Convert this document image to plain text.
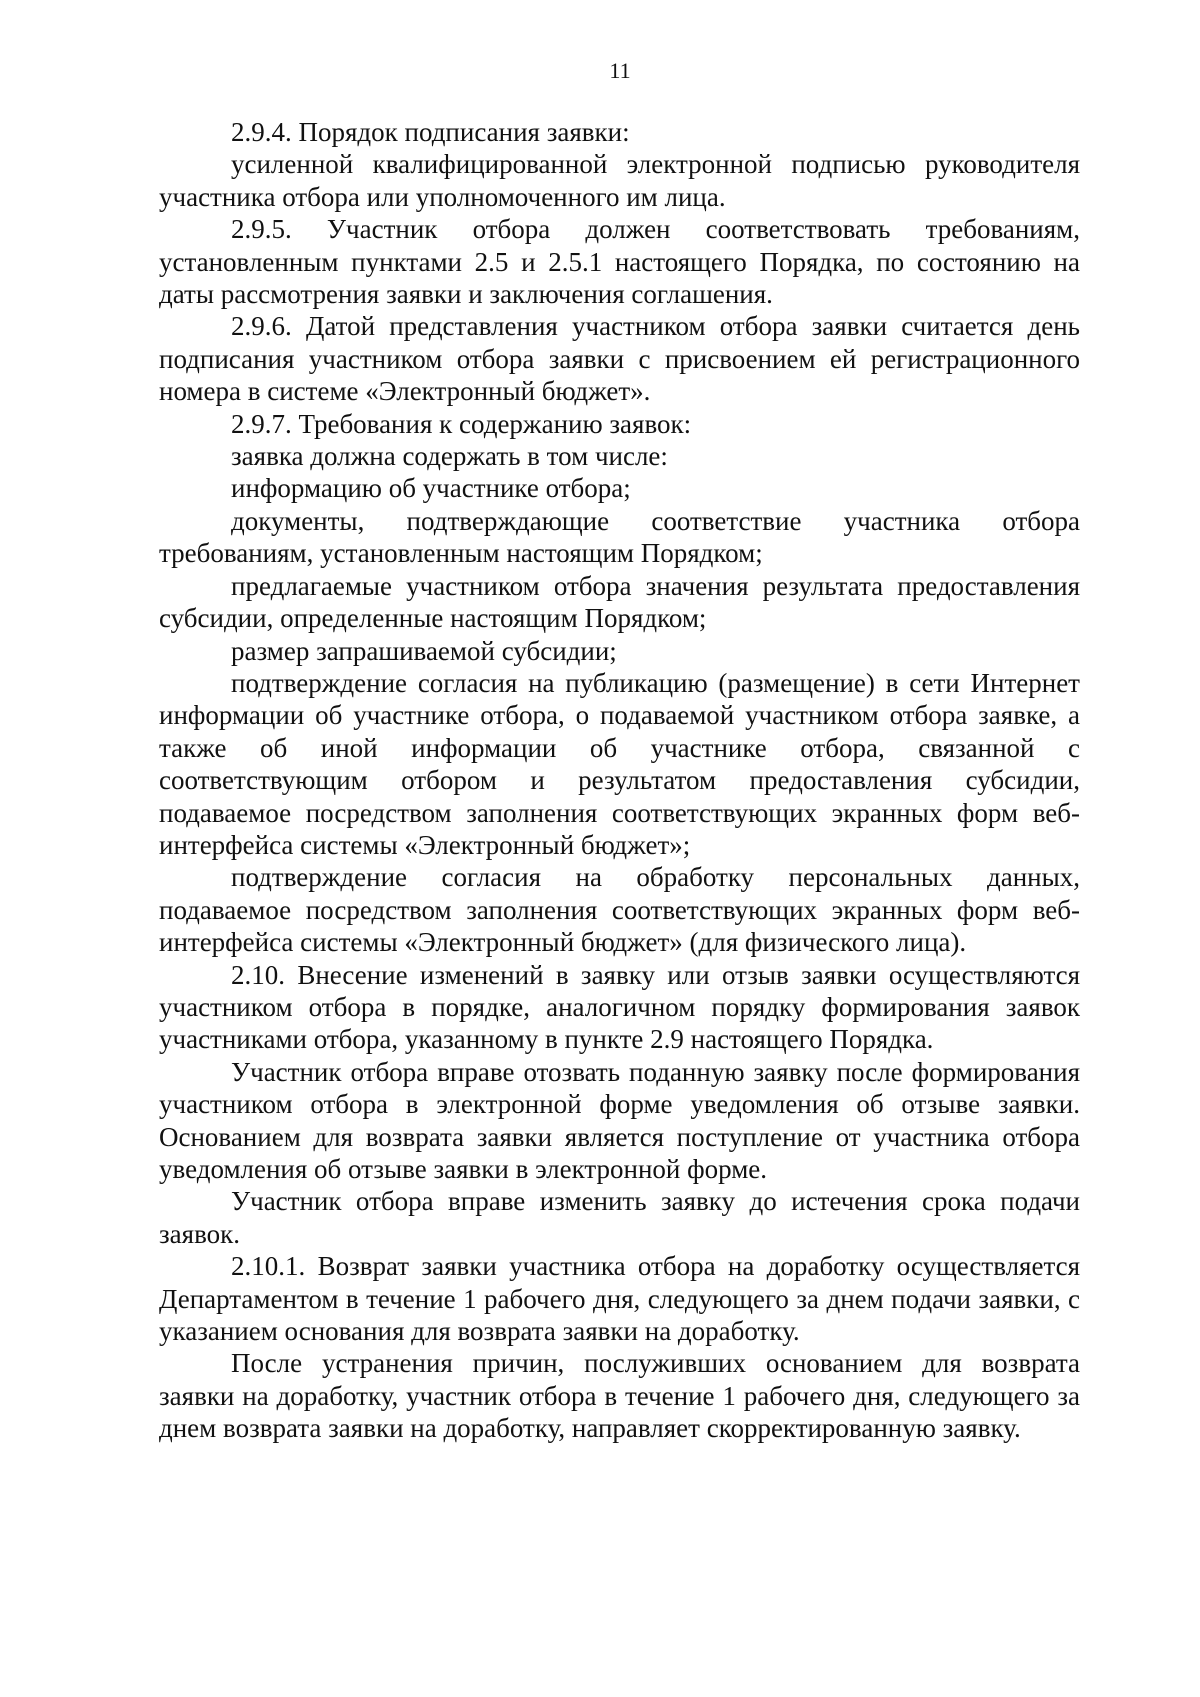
11

2.9.4. Порядок подписания заявки:

усиленной квалифицированной электронной подписью руководителя участника отбора или уполномоченного им лица.

2.9.5. Участник отбора должен соответствовать требованиям, установленным пунктами 2.5 и 2.5.1 настоящего Порядка, по состоянию на даты рассмотрения заявки и заключения соглашения.

2.9.6. Датой представления участником отбора заявки считается день подписания участником отбора заявки с присвоением ей регистрационного номера в системе «Электронный бюджет».

2.9.7. Требования к содержанию заявок:

заявка должна содержать в том числе:

информацию об участнике отбора;

документы, подтверждающие соответствие участника отбора требованиям, установленным настоящим Порядком;

предлагаемые участником отбора значения результата предоставления субсидии, определенные настоящим Порядком;

размер запрашиваемой субсидии;

подтверждение согласия на публикацию (размещение) в сети Интернет информации об участнике отбора, о подаваемой участником отбора заявке, а также об иной информации об участнике отбора, связанной с соответствующим отбором и результатом предоставления субсидии, подаваемое посредством заполнения соответствующих экранных форм веб-интерфейса системы «Электронный бюджет»;

подтверждение согласия на обработку персональных данных, подаваемое посредством заполнения соответствующих экранных форм веб-интерфейса системы «Электронный бюджет» (для физического лица).

2.10. Внесение изменений в заявку или отзыв заявки осуществляются участником отбора в порядке, аналогичном порядку формирования заявок участниками отбора, указанному в пункте 2.9 настоящего Порядка.

Участник отбора вправе отозвать поданную заявку после формирования участником отбора в электронной форме уведомления об отзыве заявки. Основанием для возврата заявки является поступление от участника отбора уведомления об отзыве заявки в электронной форме.

Участник отбора вправе изменить заявку до истечения срока подачи заявок.

2.10.1. Возврат заявки участника отбора на доработку осуществляется Департаментом в течение 1 рабочего дня, следующего за днем подачи заявки, с указанием основания для возврата заявки на доработку.

После устранения причин, послуживших основанием для возврата заявки на доработку, участник отбора в течение 1 рабочего дня, следующего за днем возврата заявки на доработку, направляет скорректированную заявку.
